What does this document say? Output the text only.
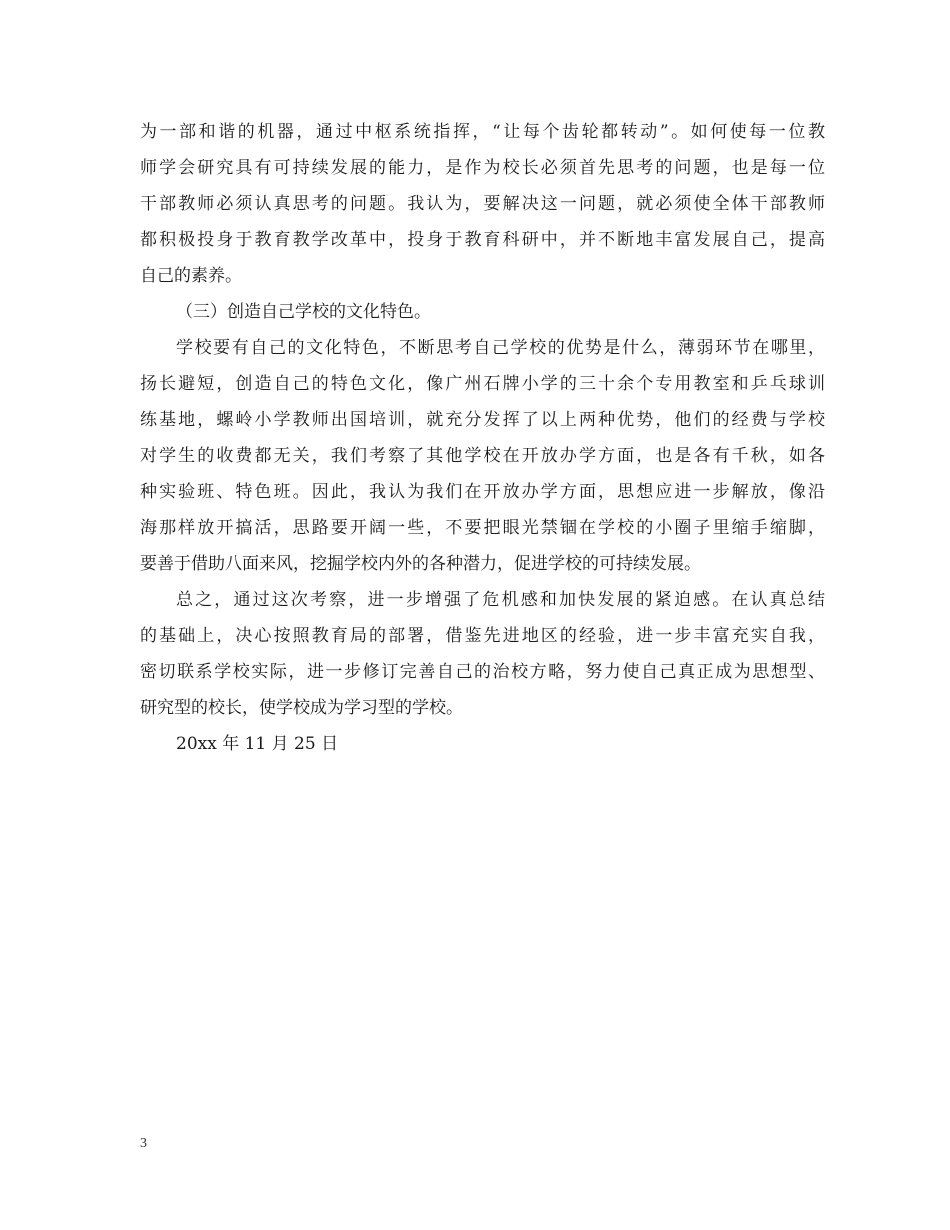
为一部和谐的机器，通过中枢系统指挥，“让每个齿轮都转动”。如何使每一位教
师学会研究具有可持续发展的能力，是作为校长必须首先思考的问题，也是每一位
干部教师必须认真思考的问题。我认为，要解决这一问题，就必须使全体干部教师
都积极投身于教育教学改革中，投身于教育科研中，并不断地丰富发展自己，提高
自己的素养。
（三）创造自己学校的文化特色。
学校要有自己的文化特色，不断思考自己学校的优势是什么，薄弱环节在哪里，
扬长避短，创造自己的特色文化，像广州石牌小学的三十余个专用教室和乒乓球训
练基地，螺岭小学教师出国培训，就充分发挥了以上两种优势，他们的经费与学校
对学生的收费都无关，我们考察了其他学校在开放办学方面，也是各有千秋，如各
种实验班、特色班。因此，我认为我们在开放办学方面，思想应进一步解放，像沿
海那样放开搞活，思路要开阔一些，不要把眼光禁锢在学校的小圈子里缩手缩脚，
要善于借助八面来风，挖掘学校内外的各种潜力，促进学校的可持续发展。
总之，通过这次考察，进一步增强了危机感和加快发展的紧迫感。在认真总结
的基础上，决心按照教育局的部署，借鉴先进地区的经验，进一步丰富充实自我，
密切联系学校实际，进一步修订完善自己的治校方略，努力使自己真正成为思想型、
研究型的校长，使学校成为学习型的学校。
20xx 年 11 月 25 日
3
